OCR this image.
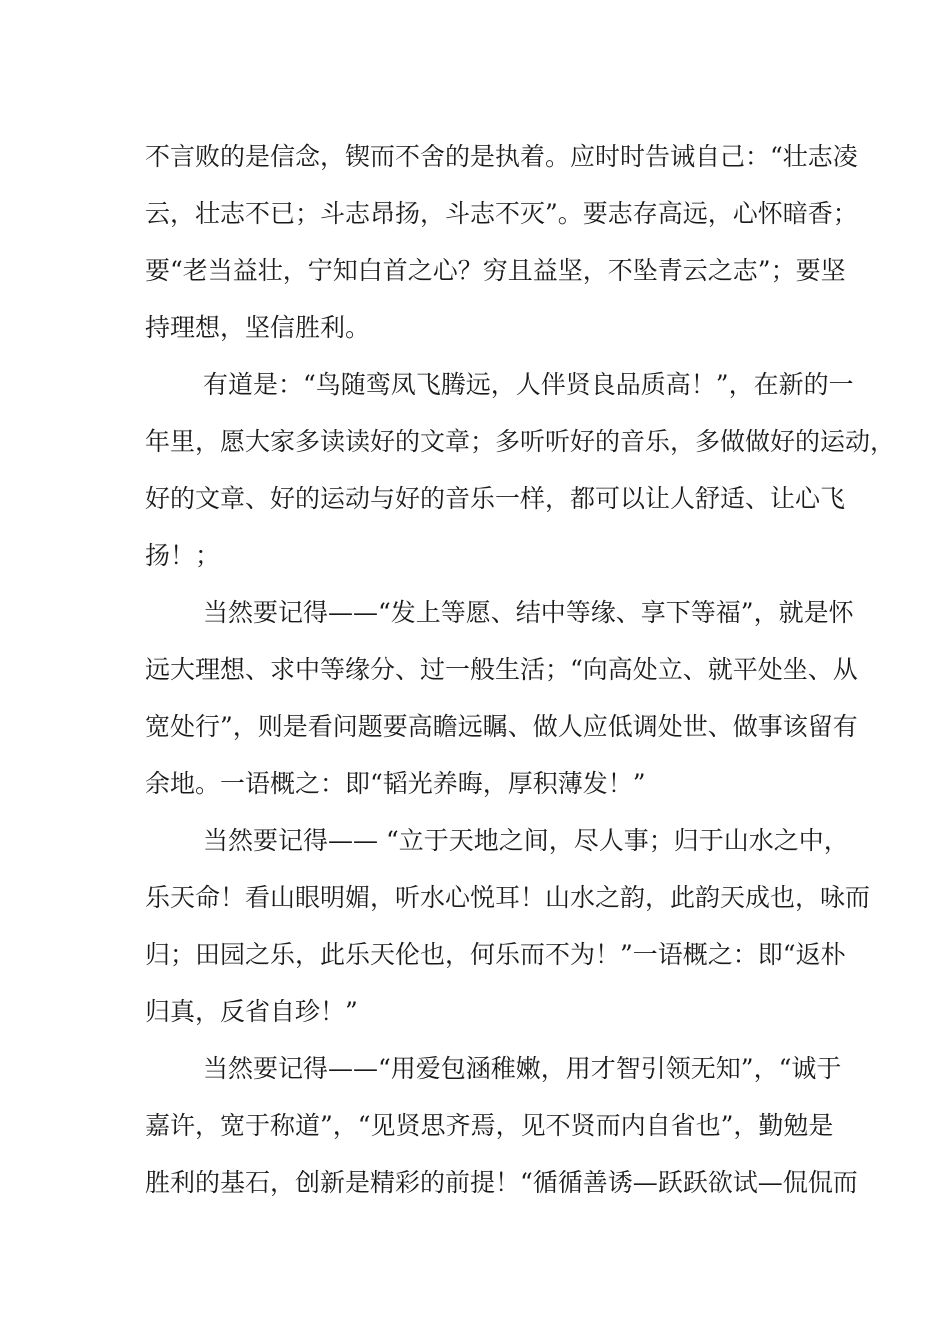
不言败的是信念，锲而不舍的是执着。应时时告诫自己：“壮志凌
云，壮志不已；斗志昂扬，斗志不灭”。要志存高远，心怀暗香；
要“老当益壮，宁知白首之心？穷且益坚，不坠青云之志”；要坚
持理想，坚信胜利。
有道是：“鸟随鸾凤飞腾远，人伴贤良品质高！”，在新的一
年里，愿大家多读读好的文章；多听听好的音乐，多做做好的运动，
好的文章、好的运动与好的音乐一样，都可以让人舒适、让心飞
扬！；
当然要记得——“发上等愿、结中等缘、享下等福”，就是怀
远大理想、求中等缘分、过一般生活；“向高处立、就平处坐、从
宽处行”，则是看问题要高瞻远瞩、做人应低调处世、做事该留有
余地。一语概之：即“韬光养晦，厚积薄发！”
当然要记得—— “立于天地之间，尽人事；归于山水之中，
乐天命！看山眼明媚，听水心悦耳！山水之韵，此韵天成也，咏而
归；田园之乐，此乐天伦也，何乐而不为！”一语概之：即“返朴
归真，反省自珍！”
当然要记得——“用爱包涵稚嫩，用才智引领无知”，“诚于
嘉许，宽于称道”，“见贤思齐焉，见不贤而内自省也”，勤勉是
胜利的基石，创新是精彩的前提！“循循善诱—跃跃欲试—侃侃而
